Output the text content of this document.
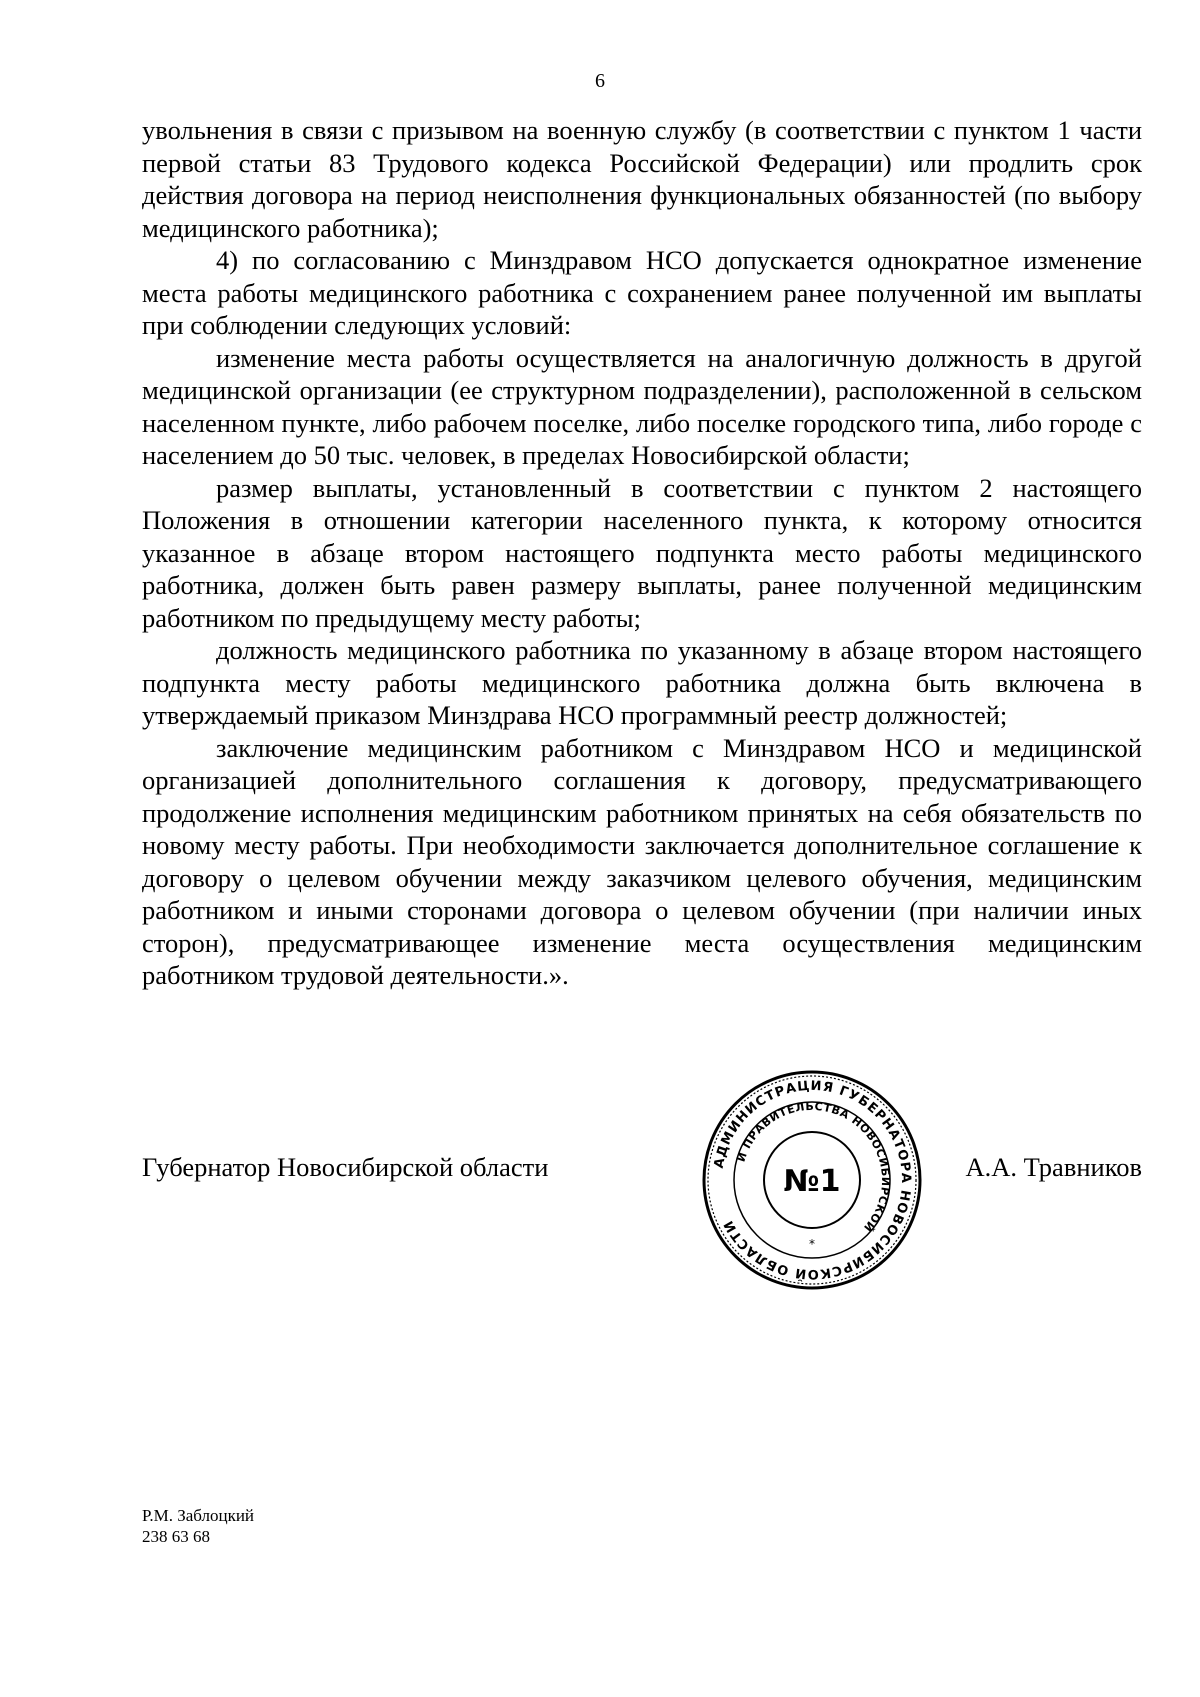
6

увольнения в связи с призывом на военную службу (в соответствии с пунктом 1 части первой статьи 83 Трудового кодекса Российской Федерации) или продлить срок действия договора на период неисполнения функциональных обязанностей (по выбору медицинского работника);

4) по согласованию с Минздравом НСО допускается однократное изменение места работы медицинского работника с сохранением ранее полученной им выплаты при соблюдении следующих условий:

изменение места работы осуществляется на аналогичную должность в другой медицинской организации (ее структурном подразделении), расположенной в сельском населенном пункте, либо рабочем поселке, либо поселке городского типа, либо городе с населением до 50 тыс. человек, в пределах Новосибирской области;

размер выплаты, установленный в соответствии с пунктом 2 настоящего Положения в отношении категории населенного пункта, к которому относится указанное в абзаце втором настоящего подпункта место работы медицинского работника, должен быть равен размеру выплаты, ранее полученной медицинским работником по предыдущему месту работы;

должность медицинского работника по указанному в абзаце втором настоящего подпункта месту работы медицинского работника должна быть включена в утверждаемый приказом Минздрава НСО программный реестр должностей;

заключение медицинским работником с Минздравом НСО и медицинской организацией дополнительного соглашения к договору, предусматривающего продолжение исполнения медицинским работником принятых на себя обязательств по новому месту работы. При необходимости заключается дополнительное соглашение к договору о целевом обучении между заказчиком целевого обучения, медицинским работником и иными сторонами договора о целевом обучении (при наличии иных сторон), предусматривающее изменение места осуществления медицинским работником трудовой деятельности.».

Губернатор Новосибирской области	А.А. Травников
АДМИНИСТРАЦИЯ ГУБЕРНАТОРА НОВОСИБИРСКОЙ ОБЛАСТИ
И ПРАВИТЕЛЬСТВА НОВОСИБИРСКОЙ
№1
*
Р.М. Заблоцкий
238 63 68
